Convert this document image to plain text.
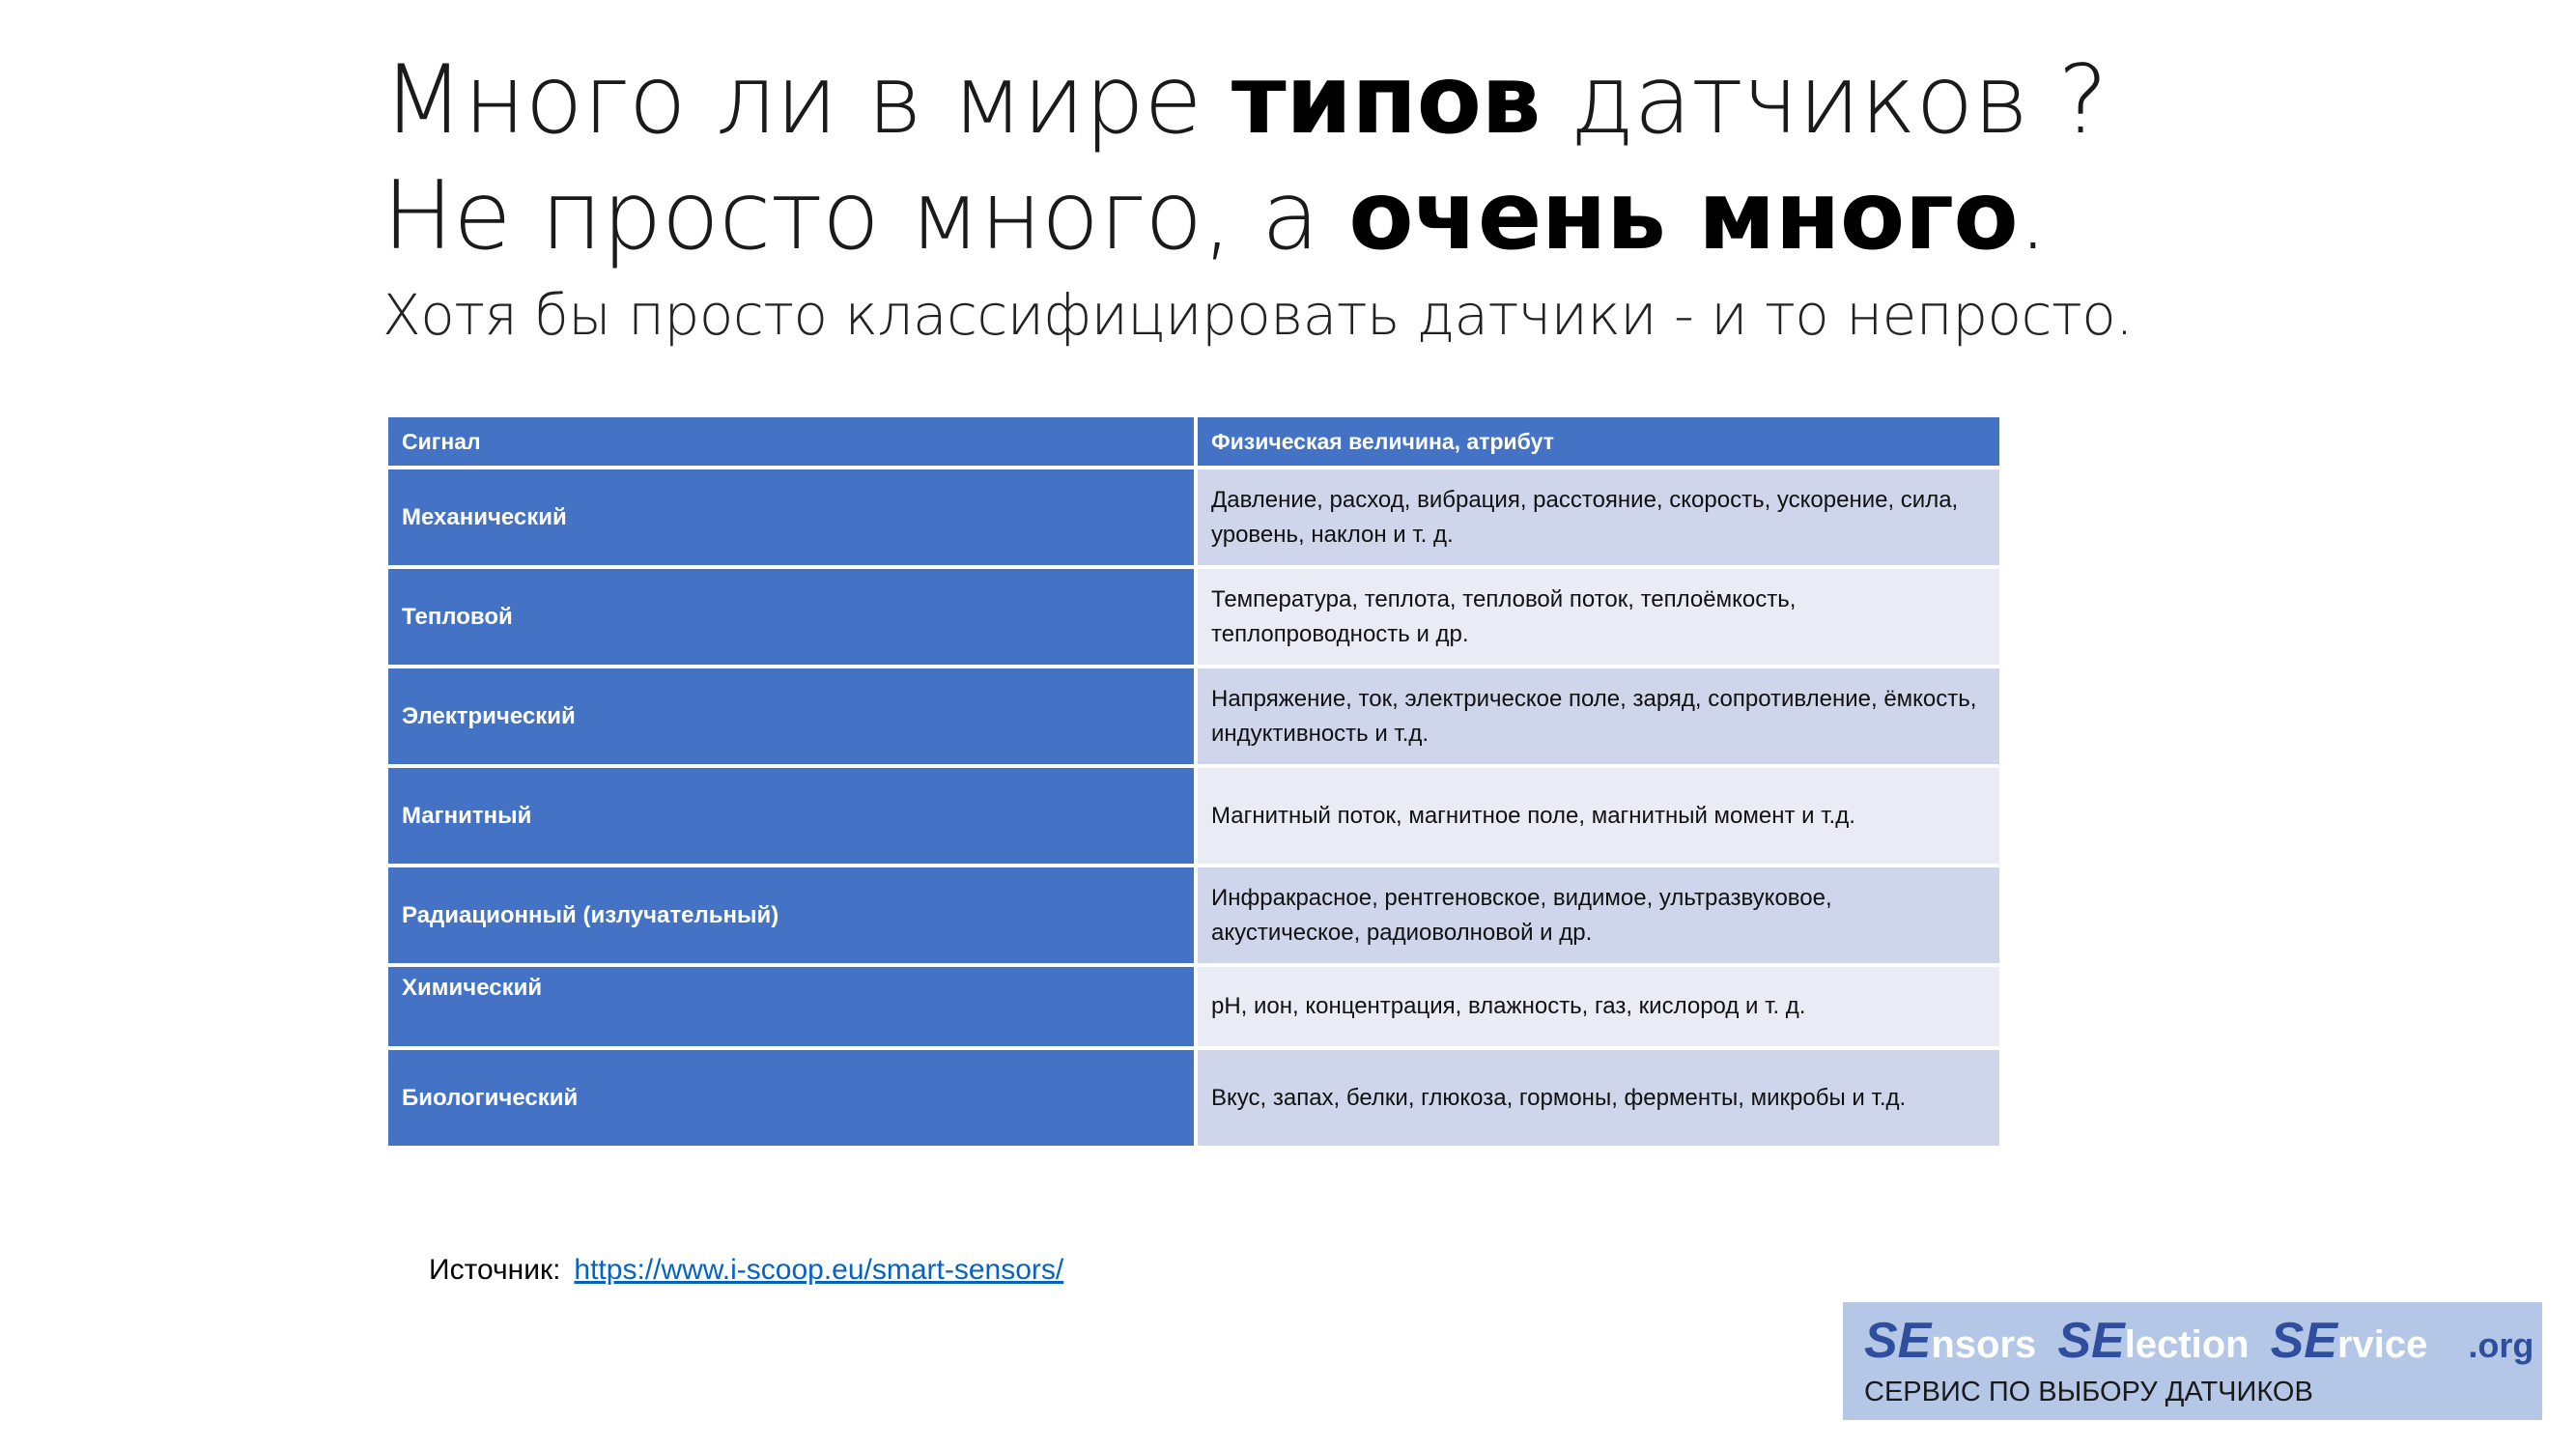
Много ли в мире типов датчиков ?
Не просто много, а очень много.
Хотя бы просто классифицировать датчики - и то непросто.
Сигнал	Физическая величина, атрибут
Механический	Давление, расход, вибрация, расстояние, скорость, ускорение, сила, уровень, наклон и т. д.
Тепловой	Температура, теплота, тепловой поток, теплоёмкость, теплопроводность и др.
Электрический	Напряжение, ток, электрическое поле, заряд, сопротивление, ёмкость, индуктивность и т.д.
Магнитный	Магнитный поток, магнитное поле, магнитный момент и т.д.
Радиационный (излучательный)	Инфракрасное, рентгеновское, видимое, ультразвуковое, акустическое, радиоволновой и др.
Химический	pH, ион, концентрация, влажность, газ, кислород и т. д.
Биологический	Вкус, запах, белки, глюкоза, гормоны, ферменты, микробы и т.д.
Источник: https://www.i-scoop.eu/smart-sensors/
SEnsors SElection SErvice .org
СЕРВИС ПО ВЫБОРУ ДАТЧИКОВ
